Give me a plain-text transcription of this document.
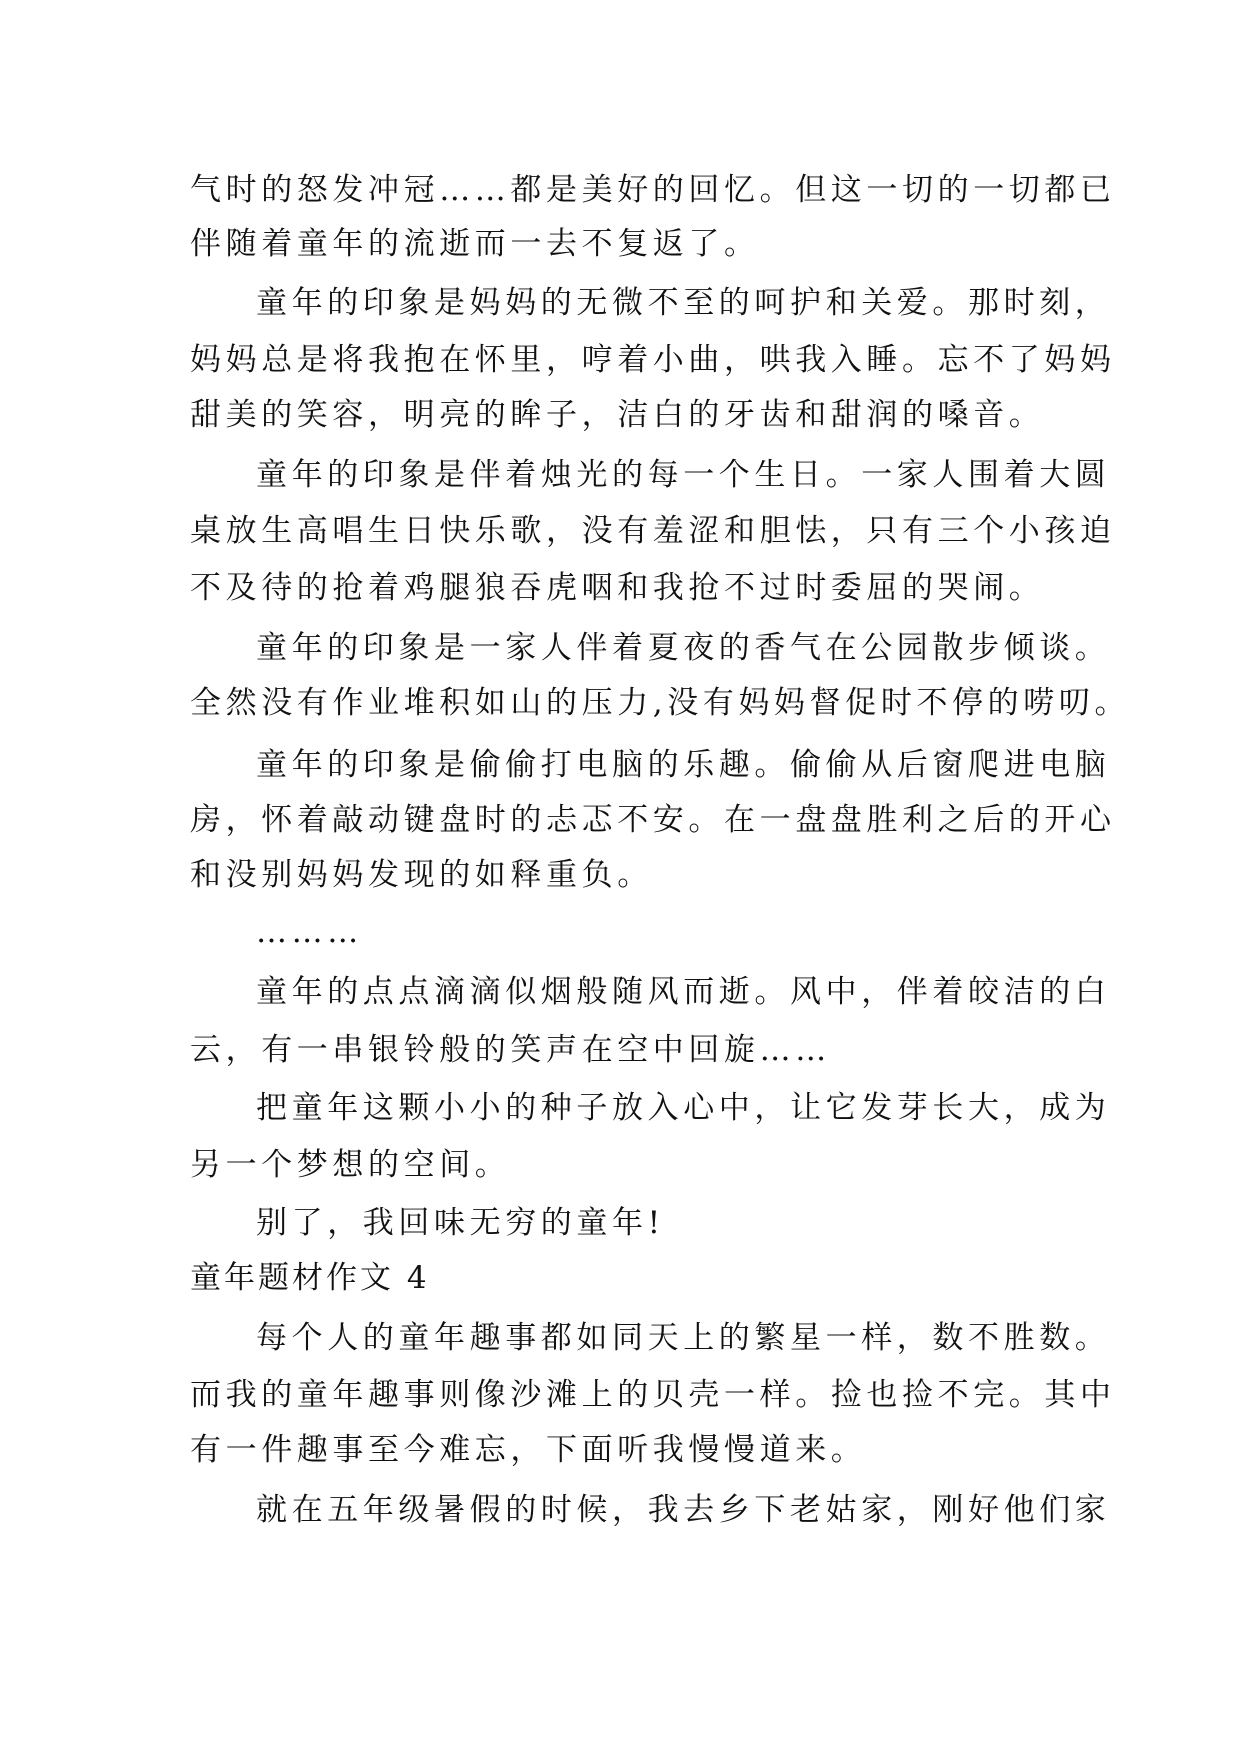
气时的怒发冲冠……都是美好的回忆。但这一切的一切都已
伴随着童年的流逝而一去不复返了。
童年的印象是妈妈的无微不至的呵护和关爱。那时刻，
妈妈总是将我抱在怀里，哼着小曲，哄我入睡。忘不了妈妈
甜美的笑容，明亮的眸子，洁白的牙齿和甜润的嗓音。
童年的印象是伴着烛光的每一个生日。一家人围着大圆
桌放生高唱生日快乐歌，没有羞涩和胆怯，只有三个小孩迫
不及待的抢着鸡腿狼吞虎咽和我抢不过时委屈的哭闹。
童年的印象是一家人伴着夏夜的香气在公园散步倾谈。
全然没有作业堆积如山的压力,没有妈妈督促时不停的唠叨。
童年的印象是偷偷打电脑的乐趣。偷偷从后窗爬进电脑
房，怀着敲动键盘时的忐忑不安。在一盘盘胜利之后的开心
和没别妈妈发现的如释重负。
………
童年的点点滴滴似烟般随风而逝。风中，伴着皎洁的白
云，有一串银铃般的笑声在空中回旋……
把童年这颗小小的种子放入心中，让它发芽长大，成为
另一个梦想的空间。
别了，我回味无穷的童年!
童年题材作文 4
每个人的童年趣事都如同天上的繁星一样，数不胜数。
而我的童年趣事则像沙滩上的贝壳一样。捡也捡不完。其中
有一件趣事至今难忘，下面听我慢慢道来。
就在五年级暑假的时候，我去乡下老姑家，刚好他们家
